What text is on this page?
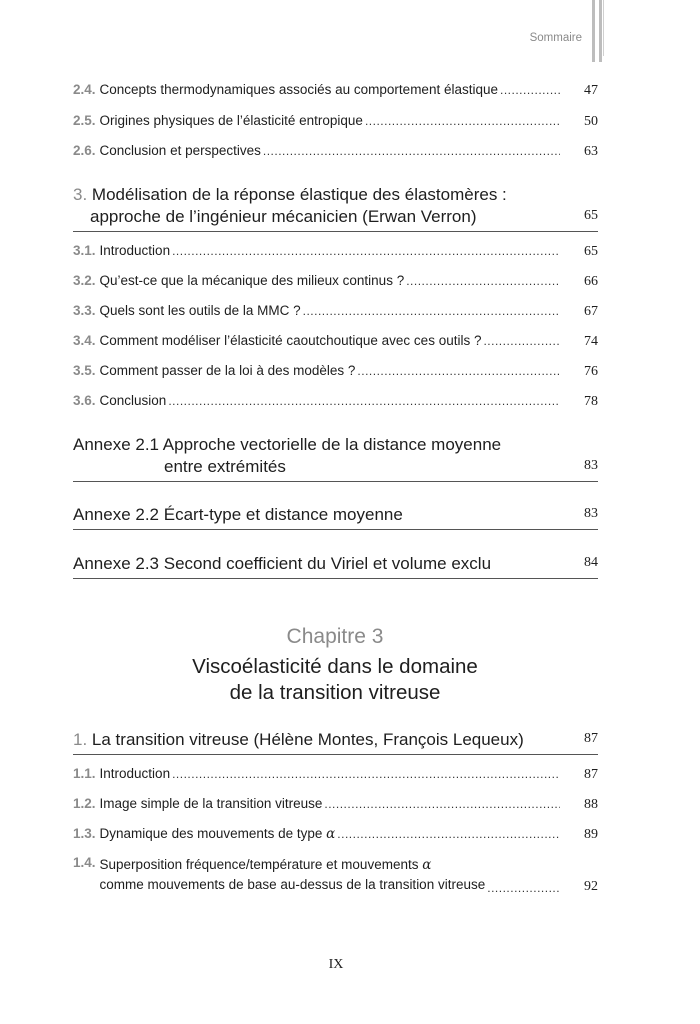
Sommaire
2.4. Concepts thermodynamiques associés au comportement élastique .....	47
2.5. Origines physiques de l’élasticité entropique .....	50
2.6. Conclusion et perspectives .....	63
3. Modélisation de la réponse élastique des élastomères :
approche de l’ingénieur mécanicien (Erwan Verron)	65
3.1. Introduction .....	65
3.2. Qu’est-ce que la mécanique des milieux continus ? .....	66
3.3. Quels sont les outils de la MMC ? .....	67
3.4. Comment modéliser l’élasticité caoutchoutique avec ces outils ? .....	74
3.5. Comment passer de la loi à des modèles ? .....	76
3.6. Conclusion .....	78
Annexe 2.1 Approche vectorielle de la distance moyenne
entre extrémités	83
Annexe 2.2 Écart-type et distance moyenne	83
Annexe 2.3 Second coefficient du Viriel et volume exclu	84
Chapitre 3
Viscoélasticité dans le domaine
de la transition vitreuse
1. La transition vitreuse (Hélène Montes, François Lequeux)	87
1.1. Introduction .....	87
1.2. Image simple de la transition vitreuse .....	88
1.3. Dynamique des mouvements de type α .....	89
1.4. Superposition fréquence/température et mouvements α
comme mouvements de base au-dessus de la transition vitreuse .....	92
IX
